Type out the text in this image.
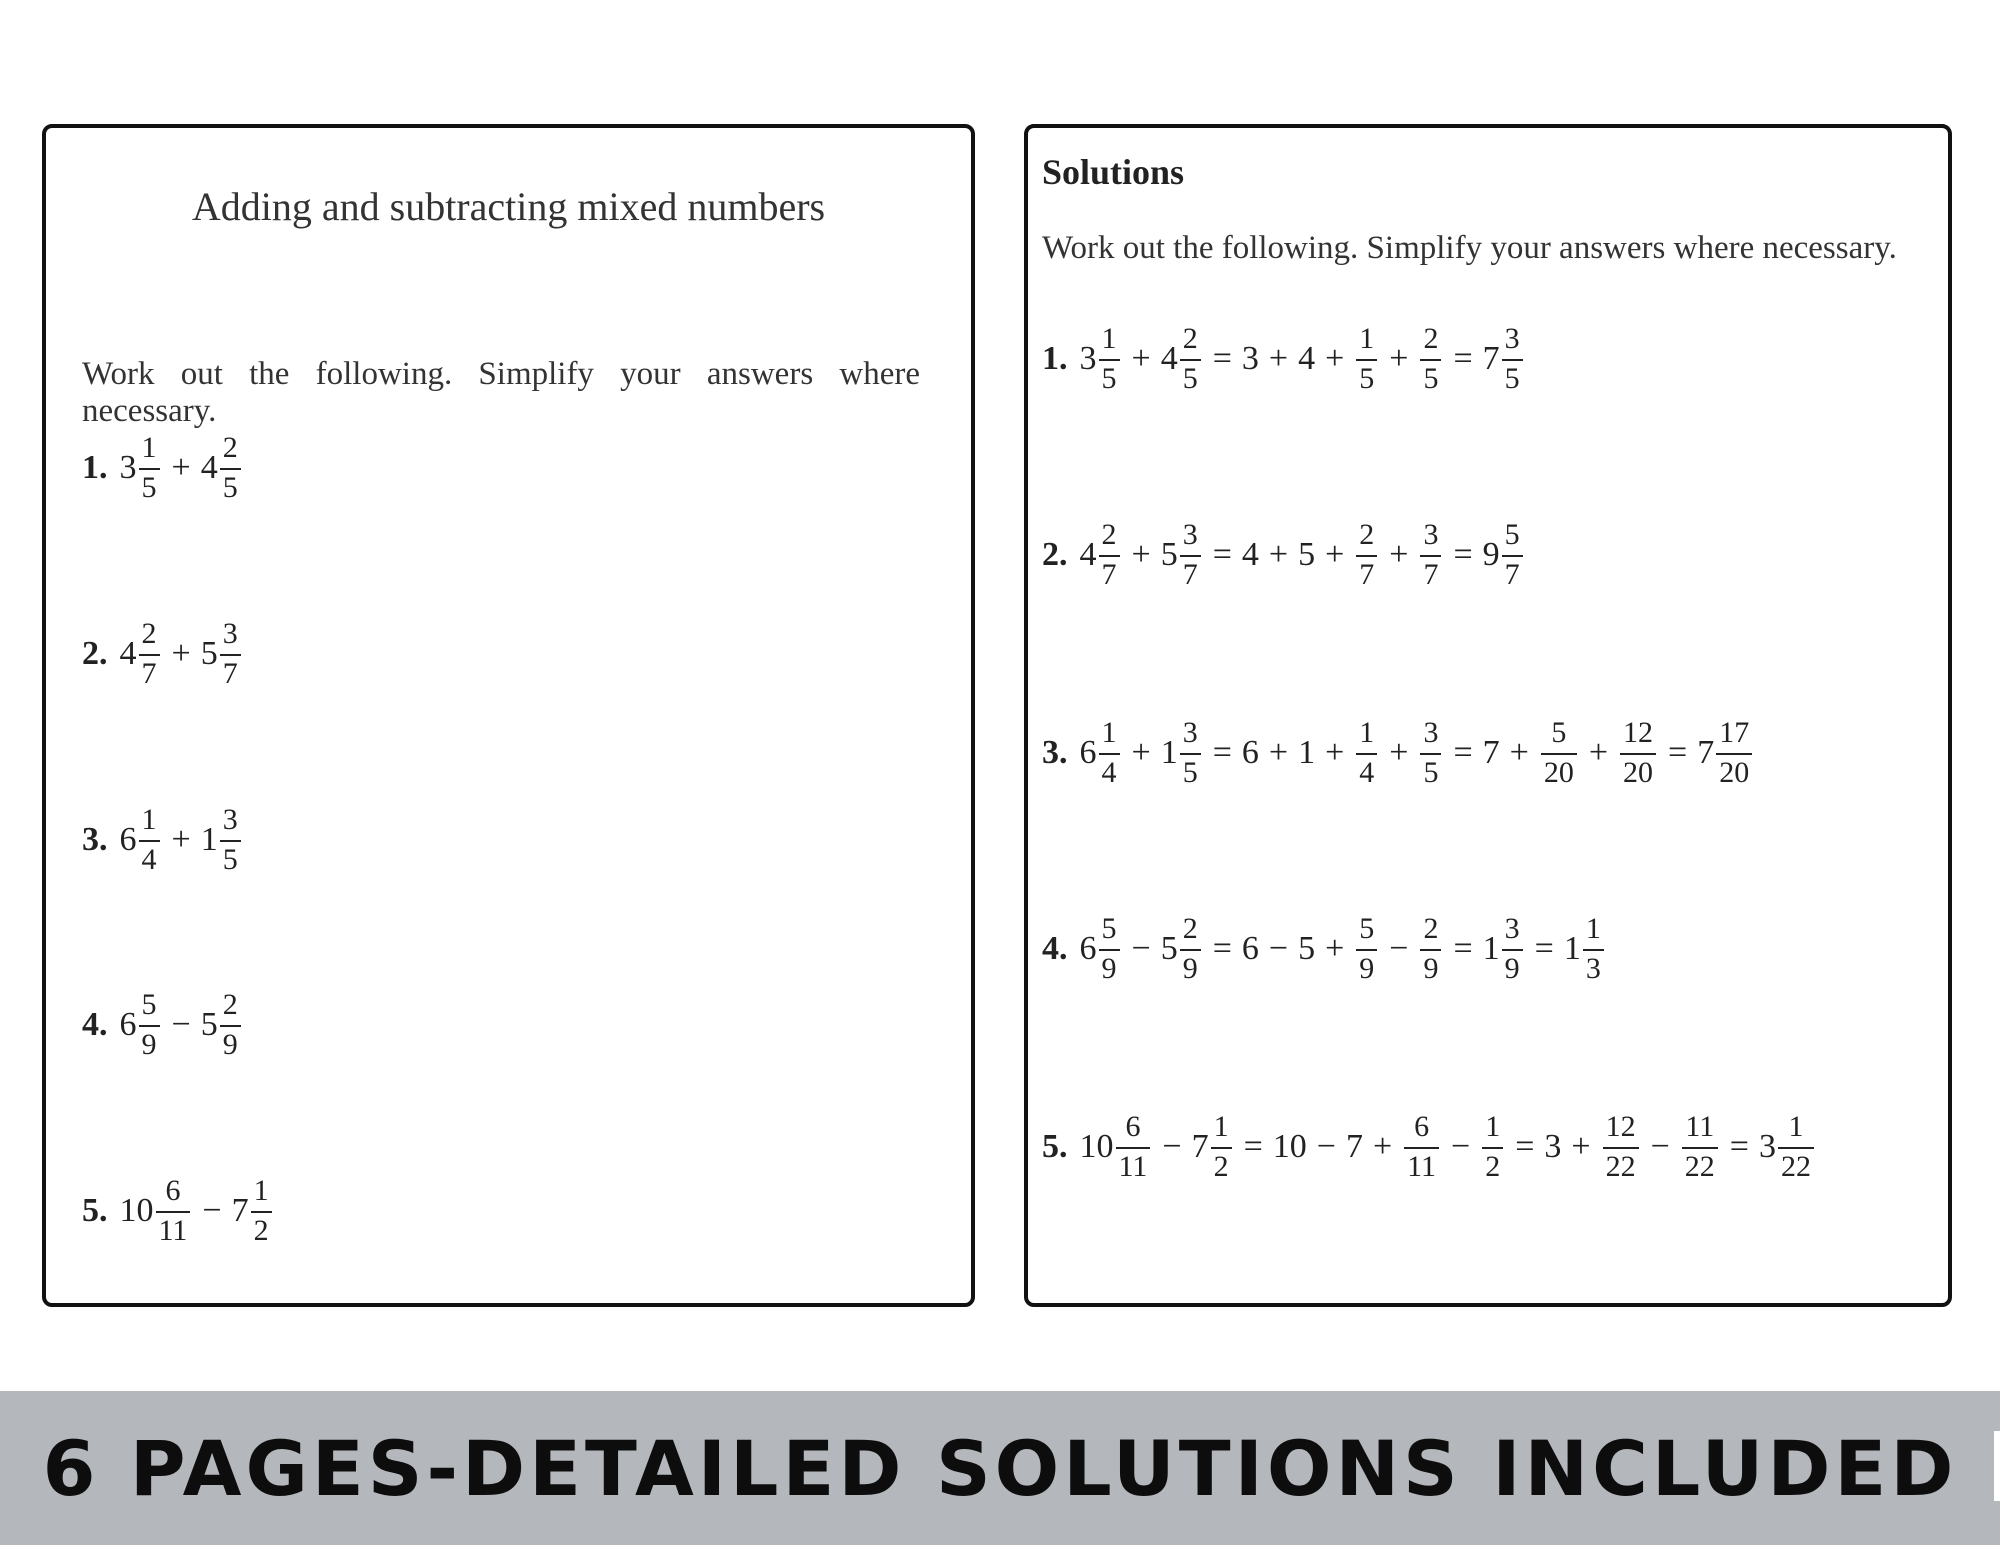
Adding and subtracting mixed numbers
Work out the following. Simplify your answers where necessary.
1. $3 \frac{1}{5} + 4 \frac{2}{5}$
2. $4 \frac{2}{7} + 5 \frac{3}{7}$
3. $6 \frac{1}{4} + 1 \frac{3}{5}$
4. $6 \frac{5}{9} - 5 \frac{2}{9}$
5. $10 \frac{6}{11} - 7 \frac{1}{2}$
Solutions
Work out the following. Simplify your answers where necessary.
1. $3 \frac{1}{5} + 4 \frac{2}{5} = 3 + 4 + \frac{1}{5} + \frac{2}{5} = 7 \frac{3}{5}$
2. $4 \frac{2}{7} + 5 \frac{3}{7} = 4 + 5 + \frac{2}{7} + \frac{3}{7} = 9 \frac{5}{7}$
3. $6 \frac{1}{4} + 1 \frac{3}{5} = 6 + 1 + \frac{1}{4} + \frac{3}{5} = 7 + \frac{5}{20} + \frac{12}{20} = 7 \frac{17}{20}$
4. $6 \frac{5}{9} - 5 \frac{2}{9} = 6 - 5 + \frac{5}{9} - \frac{2}{9} = 1 \frac{3}{9} = 1 \frac{1}{3}$
5. $10 \frac{6}{11} - 7 \frac{1}{2} = 10 - 7 + \frac{6}{11} - \frac{1}{2} = 3 + \frac{12}{22} - \frac{11}{22} = 3 \frac{1}{22}$
6 PAGES-DETAILED SOLUTIONS INCLUDED
